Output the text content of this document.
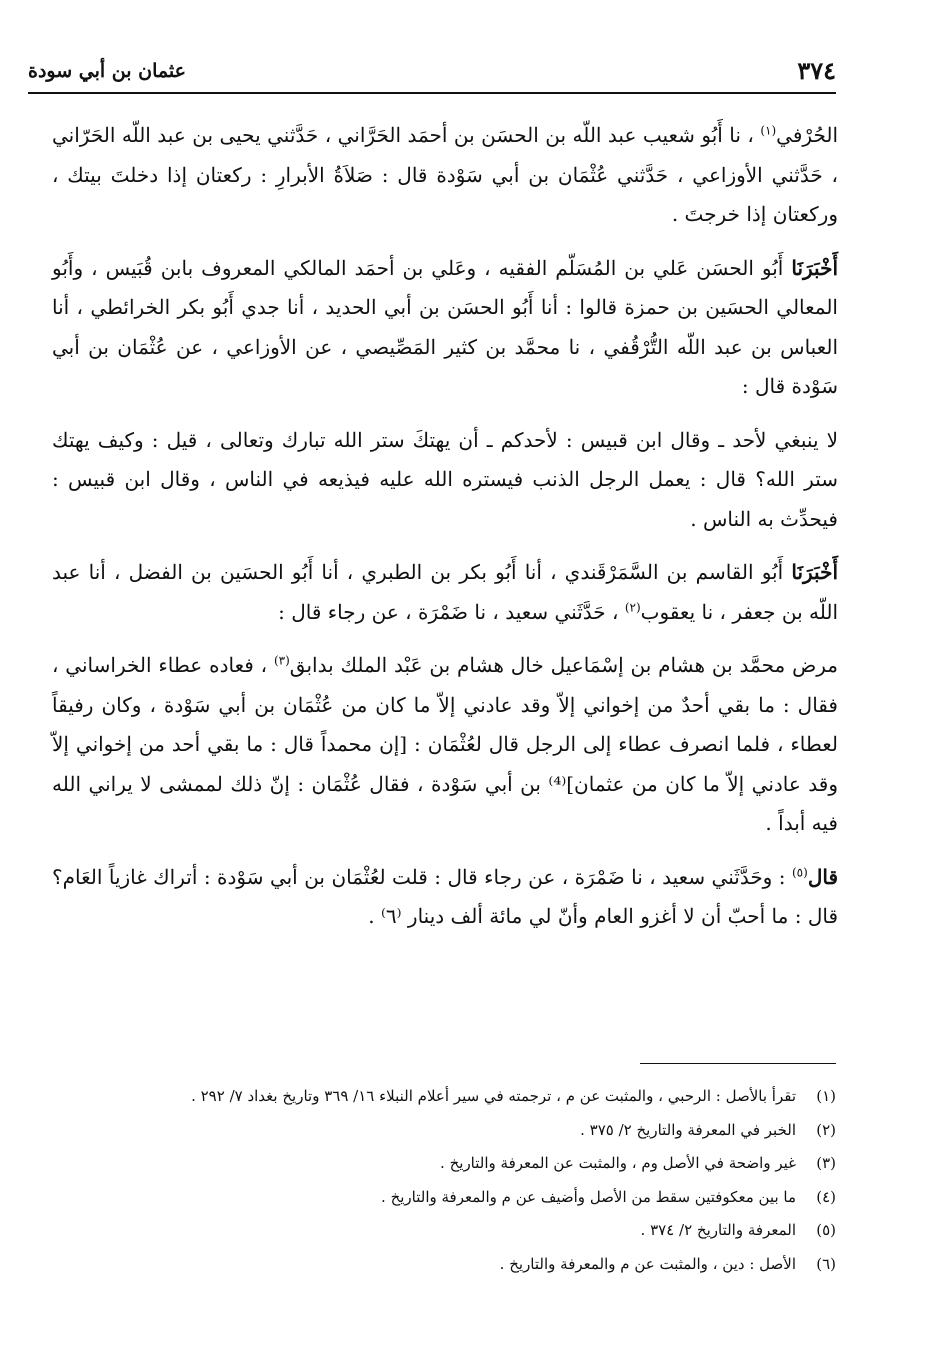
٣٧٤
عثمان بن أبي سودة

الحُرْفي$^{(١)}$ ، نا أَبُو شعيب عبد اللّه بن الحسَن بن أحمَد الحَرَّاني ، حَدَّثني يحيى بن عبد اللّه الحَرّاني ، حَدَّثني الأوزاعي ، حَدَّثني عُثْمَان بن أبي سَوْدة قال : صَلاَةُ الأبرارِ : ركعتان إذا دخلتَ بيتك ، وركعتان إذا خرجتَ .

أَخْبَرَنَا أَبُو الحسَن عَلي بن المُسَلّم الفقيه ، وعَلي بن أحمَد المالكي المعروف بابن قُبَيس ، وأَبُو المعالي الحسَين بن حمزة قالوا : أنا أَبُو الحسَن بن أبي الحديد ، أنا جدي أَبُو بكر الخرائطي ، أنا العباس بن عبد اللّه التُّرْقُفي ، نا محمَّد بن كثير المَصِّيصي ، عن الأوزاعي ، عن عُثْمَان بن أبي سَوْدة قال :

لا ينبغي لأحد ـ وقال ابن قبيس : لأحدكم ـ أن يهتكَ ستر الله تبارك وتعالى ، قيل : وكيف يهتك ستر الله؟ قال : يعمل الرجل الذنب فيستره الله عليه فيذيعه في الناس ، وقال ابن قبيس : فيحدِّث به الناس .

أَخْبَرَنَا أَبُو القاسم بن السَّمَرْقَندي ، أنا أَبُو بكر بن الطبري ، أنا أَبُو الحسَين بن الفضل ، أنا عبد اللّه بن جعفر ، نا يعقوب$^{(٢)}$ ، حَدَّثَني سعيد ، نا ضَمْرَة ، عن رجاء قال :

مرض محمَّد بن هشام بن إسْمَاعيل خال هشام بن عَبْد الملك بدابق$^{(٣)}$ ، فعاده عطاء الخراساني ، فقال : ما بقي أحدٌ من إخواني إلاّ وقد عادني إلاّ ما كان من عُثْمَان بن أبي سَوْدة ، وكان رفيقاً لعطاء ، فلما انصرف عطاء إلى الرجل قال لعُثْمَان : [إن محمداً قال : ما بقي أحد من إخواني إلاّ وقد عادني إلاّ ما كان من عثمان]⁽⁴⁾ بن أبي سَوْدة ، فقال عُثْمَان : إنّ ذلك لممشى لا يراني الله فيه أبداً .

قال$^{(٥)}$ : وحَدَّثَني سعيد ، نا ضَمْرَة ، عن رجاء قال : قلت لعُثْمَان بن أبي سَوْدة : أتراك غازياً العَام؟ قال : ما أحبّ أن لا أغزو العام وأنّ لي مائة ألف دينار ⁽٦⁾ .

(١)تقرأ بالأصل : الرحبي ، والمثبت عن م ، ترجمته في سير أعلام النبلاء ١٦/ ٣٦٩ وتاريخ بغداد ٧/ ٢٩٢ .
(٢)الخبر في المعرفة والتاريخ ٢/ ٣٧٥ .
(٣)غير واضحة في الأصل وم ، والمثبت عن المعرفة والتاريخ .
(٤)ما بين معكوفتين سقط من الأصل وأضيف عن م والمعرفة والتاريخ .
(٥)المعرفة والتاريخ ٢/ ٣٧٤ .
(٦)الأصل : دين ، والمثبت عن م والمعرفة والتاريخ .
